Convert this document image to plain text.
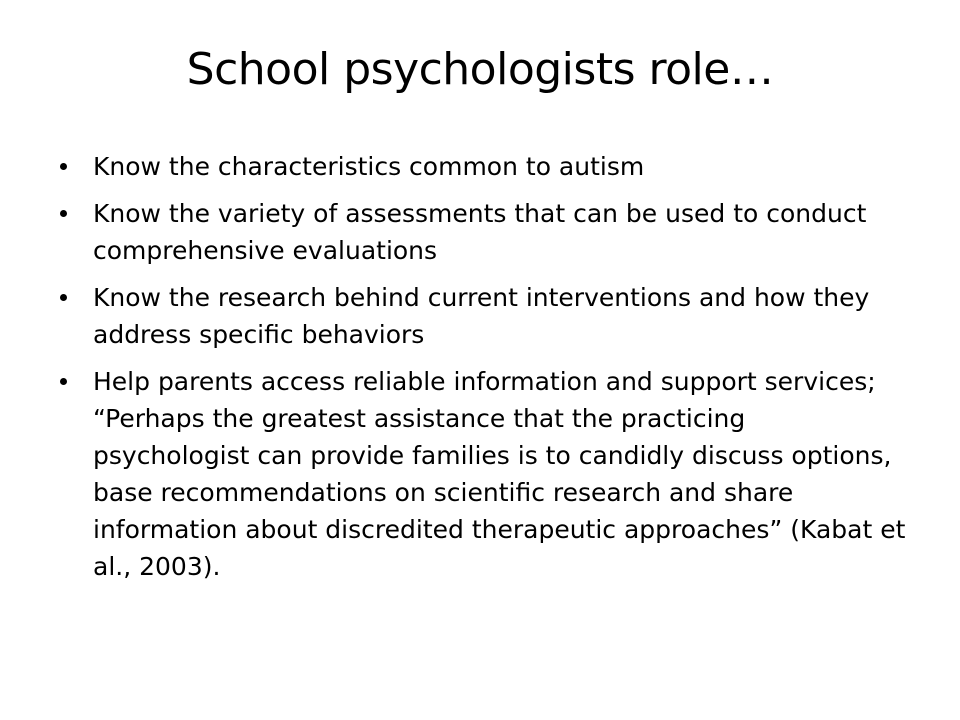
School psychologists role…
Know the characteristics common to autism
Know the variety of assessments that can be used to conduct comprehensive evaluations
Know the research behind current interventions and how they address specific behaviors
Help parents access reliable information and support services; “Perhaps the greatest assistance that the practicing psychologist can provide families is to candidly discuss options, base recommendations on scientific research and share information about discredited therapeutic approaches” (Kabat et al., 2003).
